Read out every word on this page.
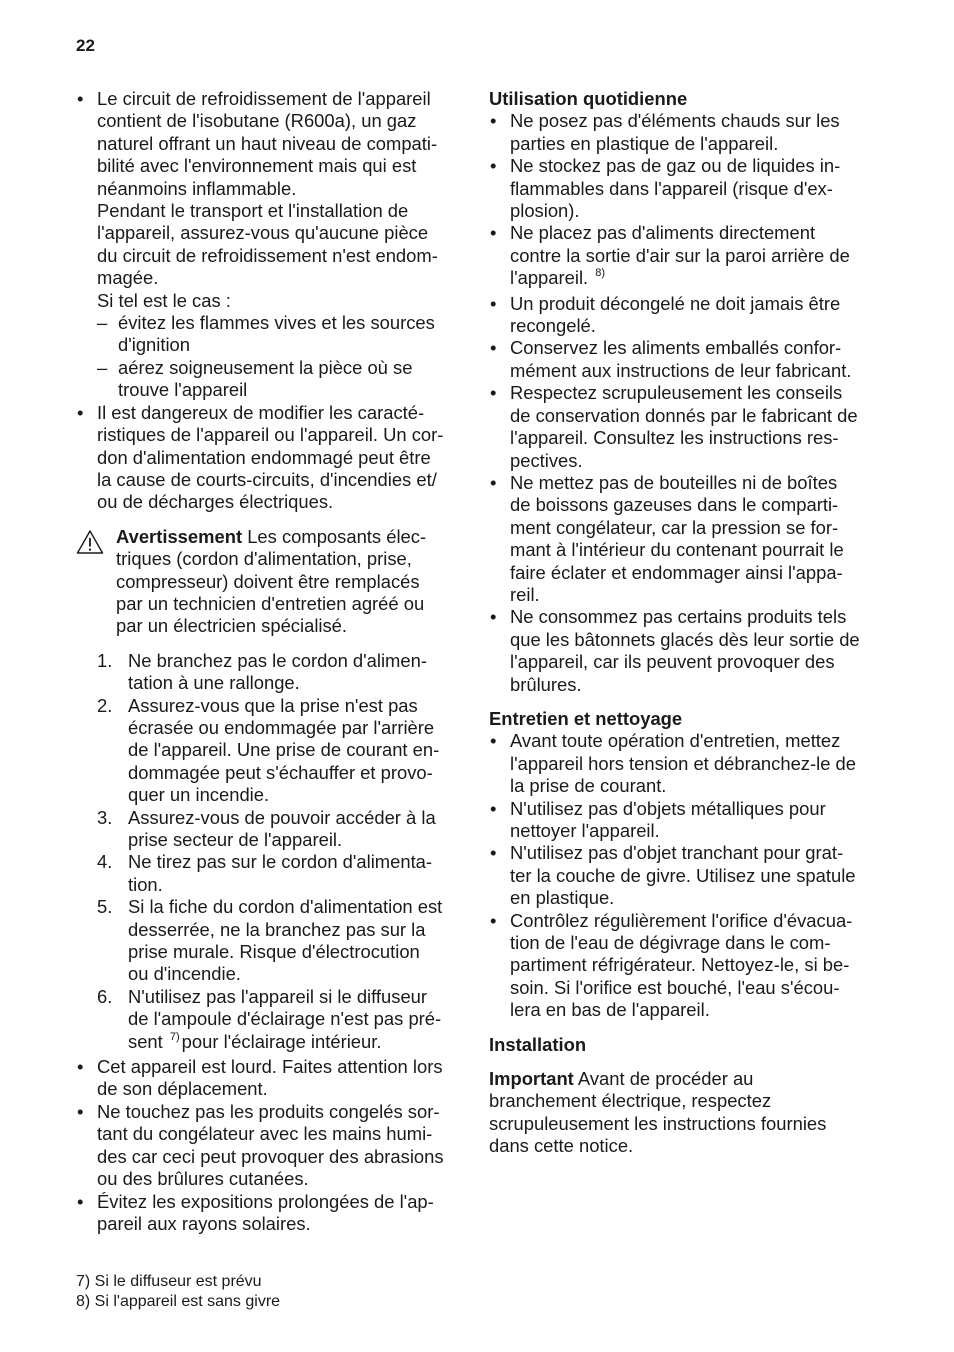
22
• Le circuit de refroidissement de l'appareil
contient de l'isobutane (R600a), un gaz
naturel offrant un haut niveau de compati-
bilité avec l'environnement mais qui est
néanmoins inflammable.
Pendant le transport et l'installation de
l'appareil, assurez-vous qu'aucune pièce
du circuit de refroidissement n'est endom-
magée.
Si tel est le cas :
– évitez les flammes vives et les sources
d'ignition
– aérez soigneusement la pièce où se
trouve l'appareil
• Il est dangereux de modifier les caracté-
ristiques de l'appareil ou l'appareil. Un cor-
don d'alimentation endommagé peut être
la cause de courts-circuits, d'incendies et/
ou de décharges électriques.
Avertissement Les composants élec-
triques (cordon d'alimentation, prise,
compresseur) doivent être remplacés
par un technicien d'entretien agréé ou
par un électricien spécialisé.
1. Ne branchez pas le cordon d'alimen-
tation à une rallonge.
2. Assurez-vous que la prise n'est pas
écrasée ou endommagée par l'arrière
de l'appareil. Une prise de courant en-
dommagée peut s'échauffer et provo-
quer un incendie.
3. Assurez-vous de pouvoir accéder à la
prise secteur de l'appareil.
4. Ne tirez pas sur le cordon d'alimenta-
tion.
5. Si la fiche du cordon d'alimentation est
desserrée, ne la branchez pas sur la
prise murale. Risque d'électrocution
ou d'incendie.
6. N'utilisez pas l'appareil si le diffuseur
de l'ampoule d'éclairage n'est pas pré-
sent $^{7)}$ pour l'éclairage intérieur.
• Cet appareil est lourd. Faites attention lors
de son déplacement.
• Ne touchez pas les produits congelés sor-
tant du congélateur avec les mains humi-
des car ceci peut provoquer des abrasions
ou des brûlures cutanées.
• Évitez les expositions prolongées de l'ap-
pareil aux rayons solaires.
Utilisation quotidienne
• Ne posez pas d'éléments chauds sur les
parties en plastique de l'appareil.
• Ne stockez pas de gaz ou de liquides in-
flammables dans l'appareil (risque d'ex-
plosion).
• Ne placez pas d'aliments directement
contre la sortie d'air sur la paroi arrière de
l'appareil. $^{8)}$
• Un produit décongelé ne doit jamais être
recongelé.
• Conservez les aliments emballés confor-
mément aux instructions de leur fabricant.
• Respectez scrupuleusement les conseils
de conservation donnés par le fabricant de
l'appareil. Consultez les instructions res-
pectives.
• Ne mettez pas de bouteilles ni de boîtes
de boissons gazeuses dans le comparti-
ment congélateur, car la pression se for-
mant à l'intérieur du contenant pourrait le
faire éclater et endommager ainsi l'appa-
reil.
• Ne consommez pas certains produits tels
que les bâtonnets glacés dès leur sortie de
l'appareil, car ils peuvent provoquer des
brûlures.
Entretien et nettoyage
• Avant toute opération d'entretien, mettez
l'appareil hors tension et débranchez-le de
la prise de courant.
• N'utilisez pas d'objets métalliques pour
nettoyer l'appareil.
• N'utilisez pas d'objet tranchant pour grat-
ter la couche de givre. Utilisez une spatule
en plastique.
• Contrôlez régulièrement l'orifice d'évacua-
tion de l'eau de dégivrage dans le com-
partiment réfrigérateur. Nettoyez-le, si be-
soin. Si l'orifice est bouché, l'eau s'écou-
lera en bas de l'appareil.
Installation
Important Avant de procéder au
branchement électrique, respectez
scrupuleusement les instructions fournies
dans cette notice.
7) Si le diffuseur est prévu
8) Si l'appareil est sans givre
